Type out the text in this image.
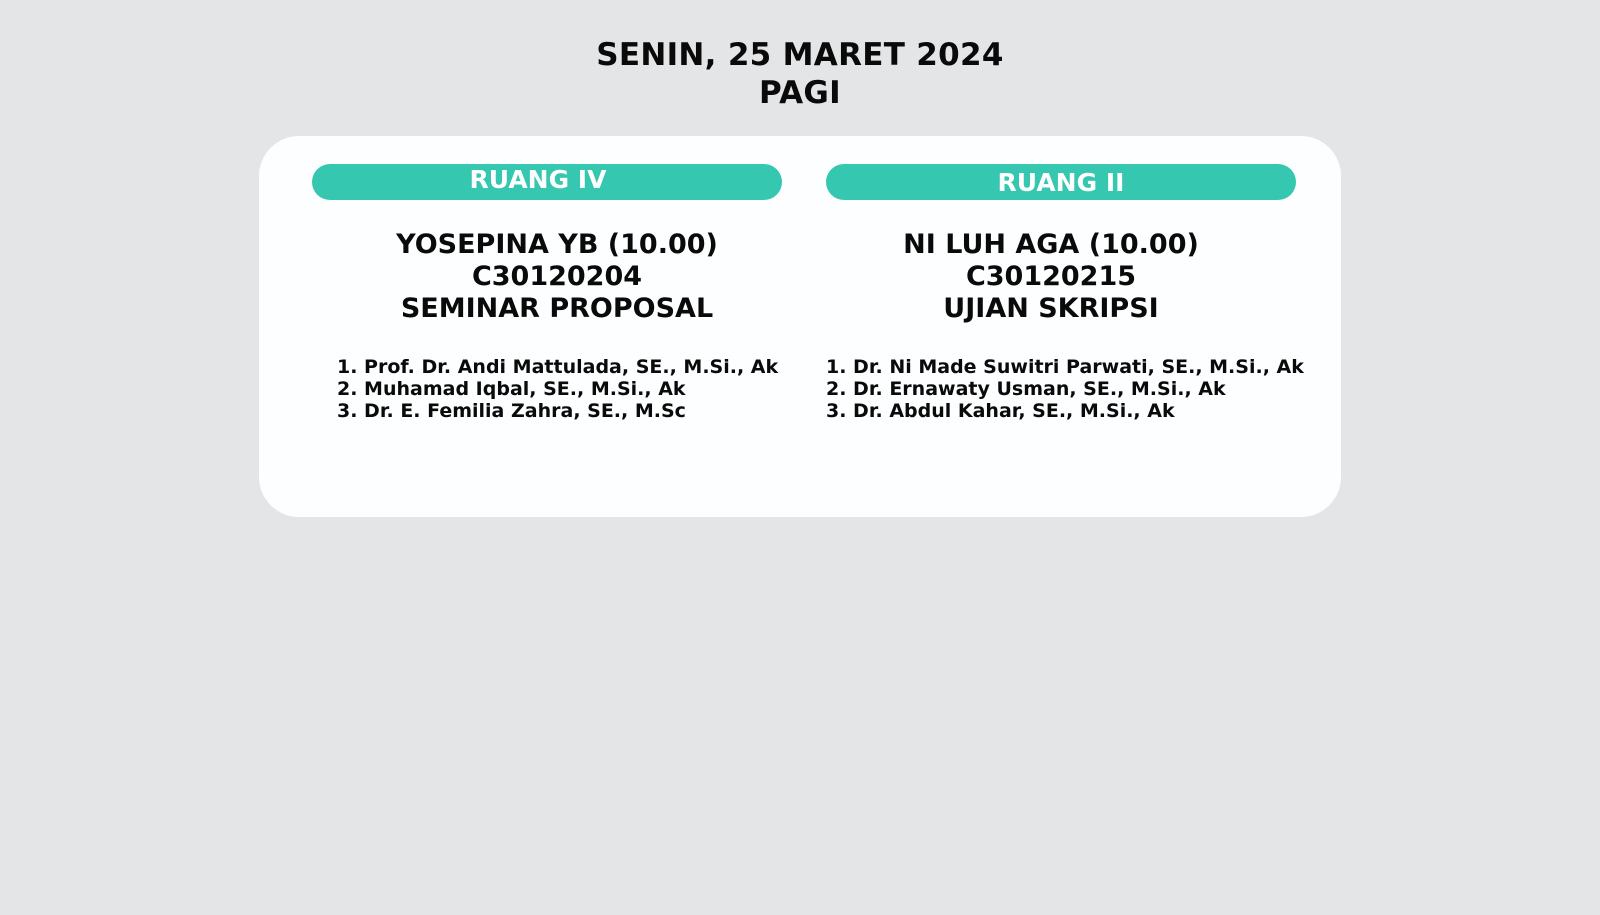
SENIN, 25 MARET 2024
PAGI
RUANG IV
YOSEPINA YB (10.00)
C30120204
SEMINAR PROPOSAL
1. Prof. Dr. Andi Mattulada, SE., M.Si., Ak
2. Muhamad Iqbal, SE., M.Si., Ak
3. Dr. E. Femilia Zahra, SE., M.Sc
RUANG II
NI LUH AGA (10.00)
C30120215
UJIAN SKRIPSI
1. Dr. Ni Made Suwitri Parwati, SE., M.Si., Ak
2. Dr. Ernawaty Usman, SE., M.Si., Ak
3. Dr. Abdul Kahar, SE., M.Si., Ak
